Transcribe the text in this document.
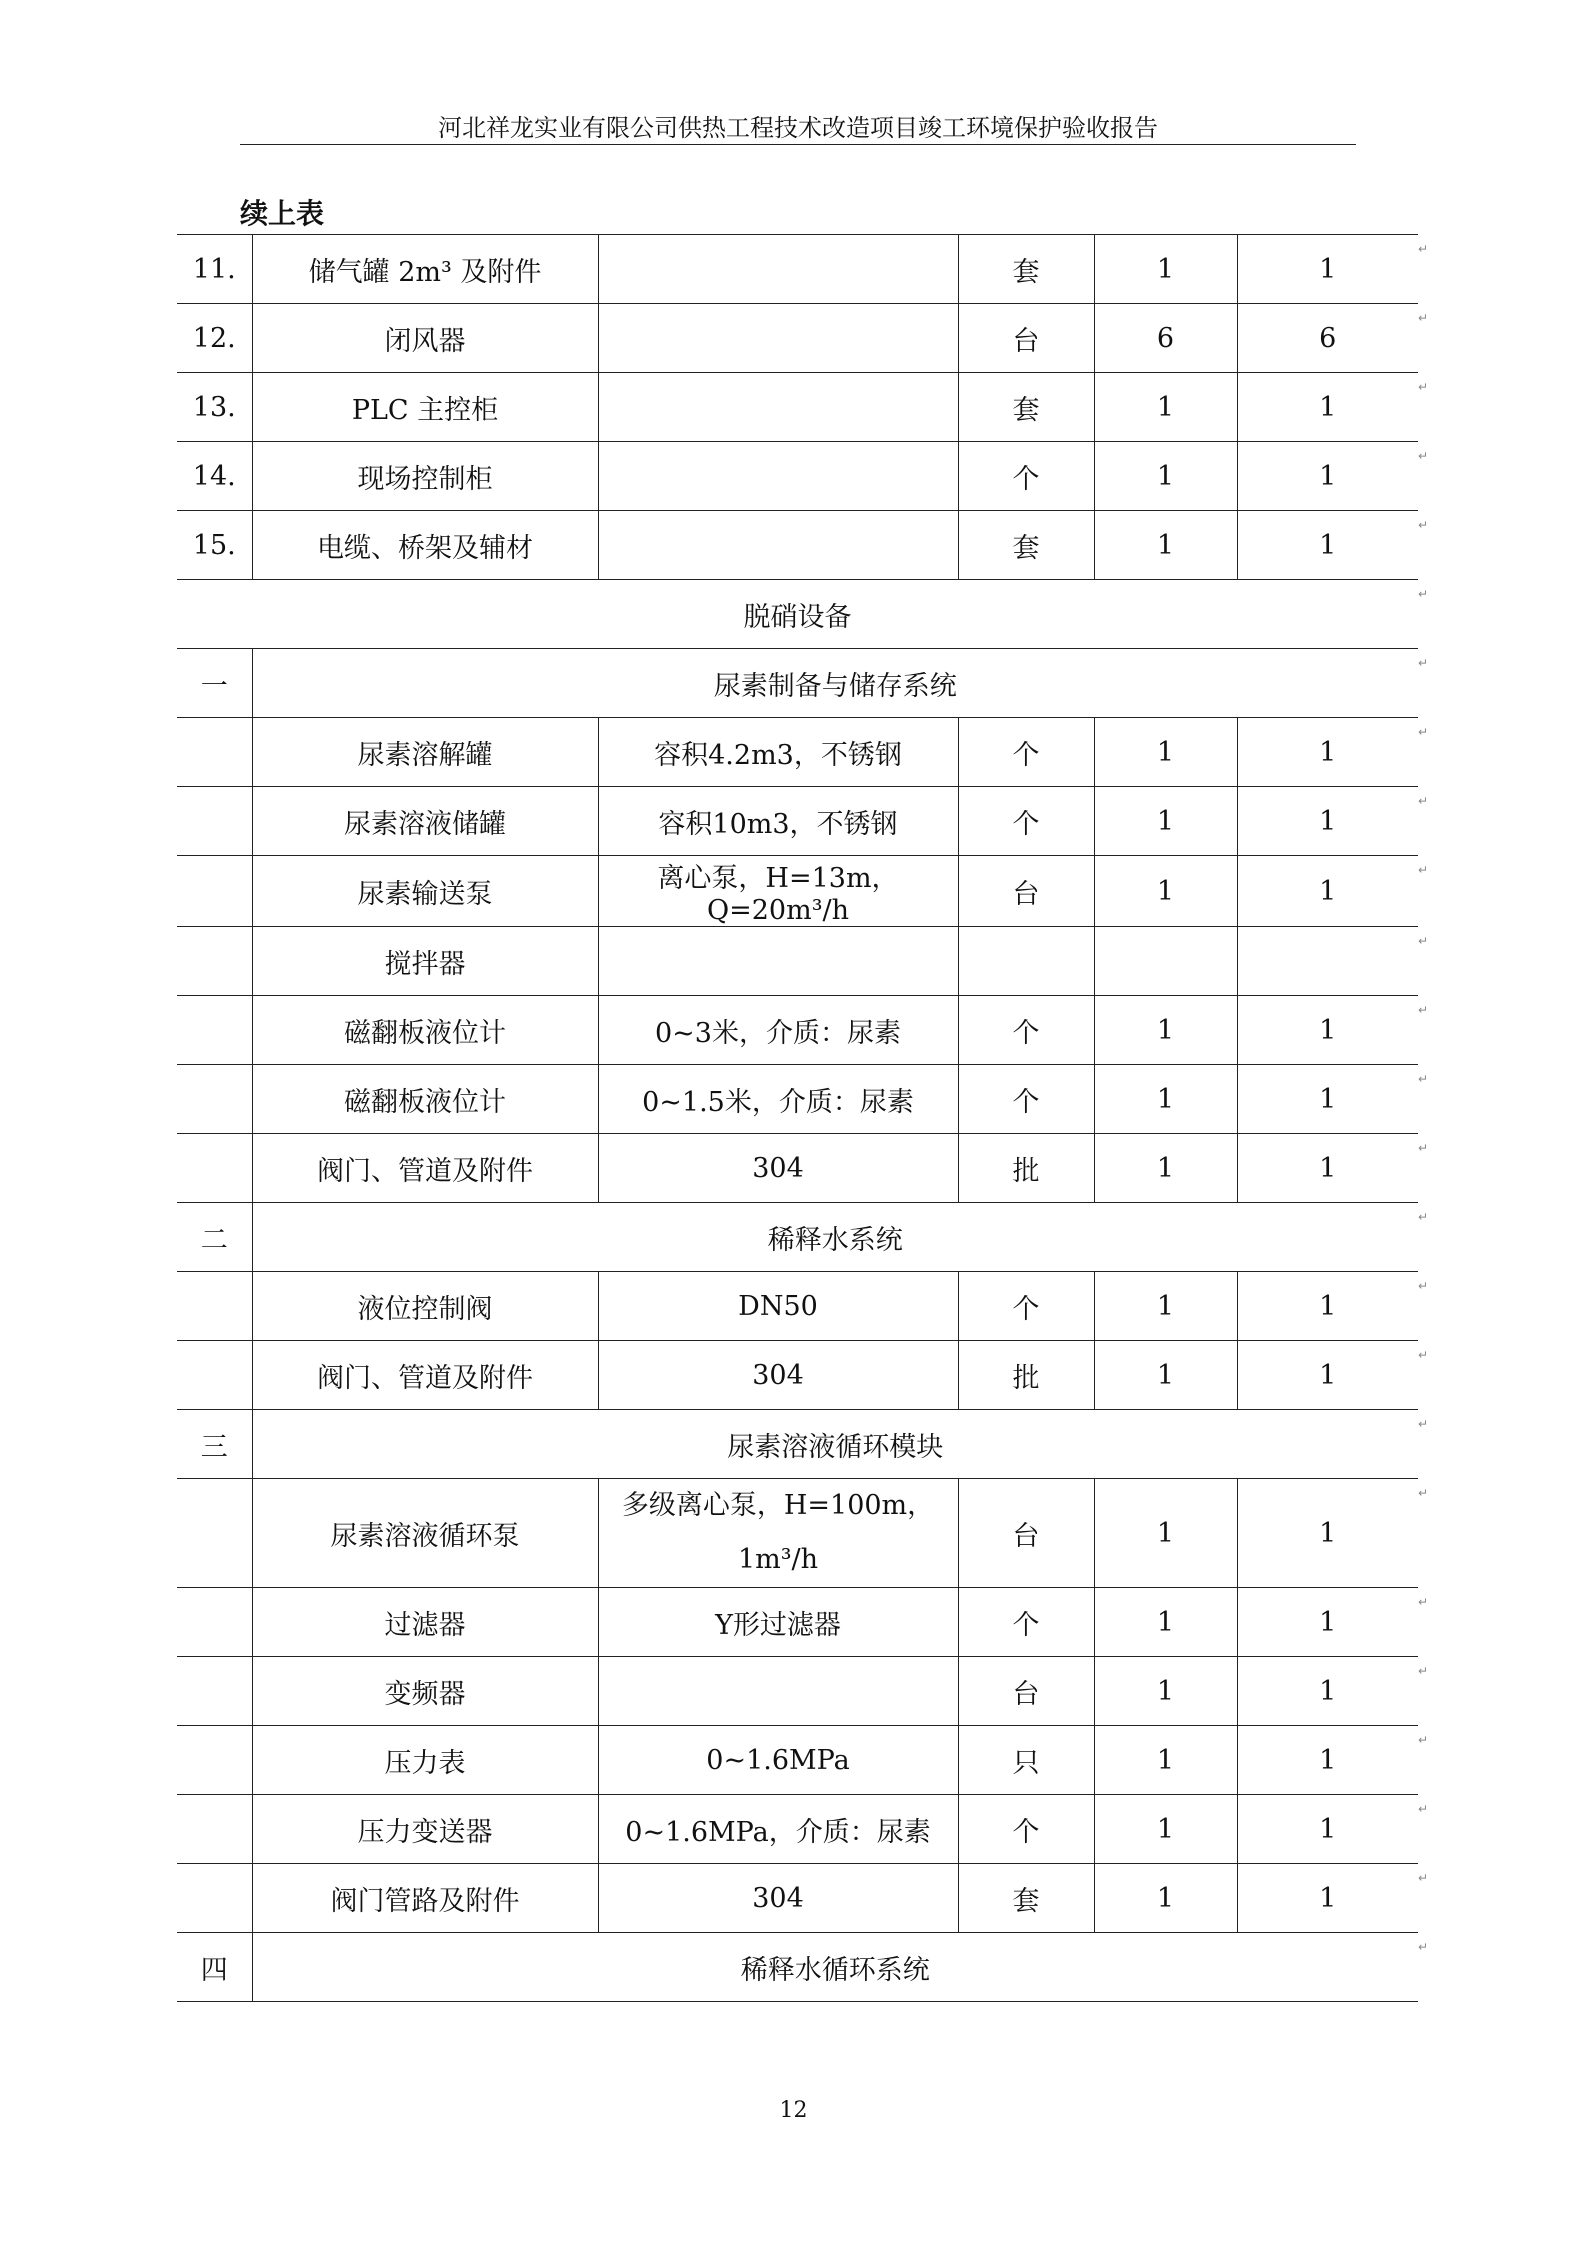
河北祥龙实业有限公司供热工程技术改造项目竣工环境保护验收报告
续上表
11.	储气罐 2m³ 及附件		套	1	1
12.	闭风器		台	6	6
13.	PLC 主控柜		套	1	1
14.	现场控制柜		个	1	1
15.	电缆、桥架及辅材		套	1	1
脱硝设备					
一	尿素制备与储存系统				
	尿素溶解罐	容积4.2m3，不锈钢	个	1	1
	尿素溶液储罐	容积10m3，不锈钢	个	1	1
	尿素输送泵	离心泵，H=13m，Q=20m³/h	台	1	1
	搅拌器				
	磁翻板液位计	0~3米，介质：尿素	个	1	1
	磁翻板液位计	0~1.5米，介质：尿素	个	1	1
	阀门、管道及附件	304	批	1	1
二	稀释水系统				
	液位控制阀	DN50	个	1	1
	阀门、管道及附件	304	批	1	1
三	尿素溶液循环模块				
	尿素溶液循环泵	多级离心泵，H=100m，
1m³/h	台	1	1
	过滤器	Y形过滤器	个	1	1
	变频器		台	1	1
	压力表	0~1.6MPa	只	1	1
	压力变送器	0~1.6MPa，介质：尿素	个	1	1
	阀门管路及附件	304	套	1	1
四	稀释水循环系统				
↵
↵
↵
↵
↵
↵
↵
↵
↵
↵
↵
↵
↵
↵
↵
↵
↵
↵
↵
↵
↵
↵
↵
↵
↵
12
